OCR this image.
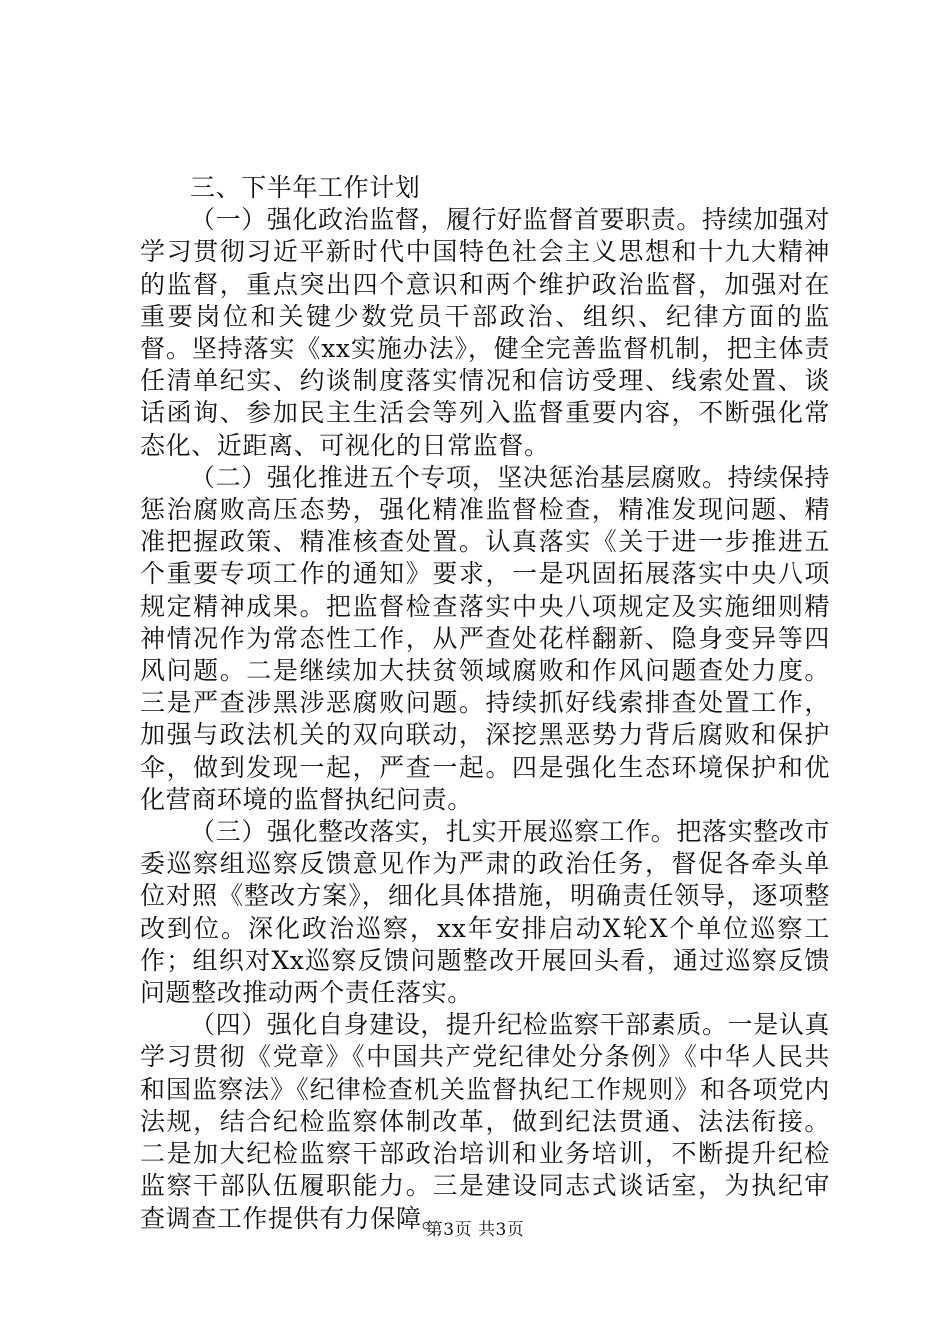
三、下半年工作计划

（一）强化政治监督，履行好监督首要职责。持续加强对学习贯彻习近平新时代中国特色社会主义思想和十九大精神的监督，重点突出四个意识和两个维护政治监督，加强对在重要岗位和关键少数党员干部政治、组织、纪律方面的监督。坚持落实《xx实施办法》，健全完善监督机制，把主体责任清单纪实、约谈制度落实情况和信访受理、线索处置、谈话函询、参加民主生活会等列入监督重要内容，不断强化常态化、近距离、可视化的日常监督。

（二）强化推进五个专项，坚决惩治基层腐败。持续保持惩治腐败高压态势，强化精准监督检查，精准发现问题、精准把握政策、精准核查处置。认真落实《关于进一步推进五个重要专项工作的通知》要求，一是巩固拓展落实中央八项规定精神成果。把监督检查落实中央八项规定及实施细则精神情况作为常态性工作，从严查处花样翻新、隐身变异等四风问题。二是继续加大扶贫领域腐败和作风问题查处力度。三是严查涉黑涉恶腐败问题。持续抓好线索排查处置工作，加强与政法机关的双向联动，深挖黑恶势力背后腐败和保护伞，做到发现一起，严查一起。四是强化生态环境保护和优化营商环境的监督执纪问责。

（三）强化整改落实，扎实开展巡察工作。把落实整改市委巡察组巡察反馈意见作为严肃的政治任务，督促各牵头单位对照《整改方案》，细化具体措施，明确责任领导，逐项整改到位。深化政治巡察，xx年安排启动X轮X个单位巡察工作；组织对Xx巡察反馈问题整改开展回头看，通过巡察反馈问题整改推动两个责任落实。

（四）强化自身建设，提升纪检监察干部素质。一是认真学习贯彻《党章》《中国共产党纪律处分条例》《中华人民共和国监察法》《纪律检查机关监督执纪工作规则》和各项党内法规，结合纪检监察体制改革，做到纪法贯通、法法衔接。二是加大纪检监察干部政治培训和业务培训，不断提升纪检监察干部队伍履职能力。三是建设同志式谈话室，为执纪审查调查工作提供有力保障。

第3页 共3页
